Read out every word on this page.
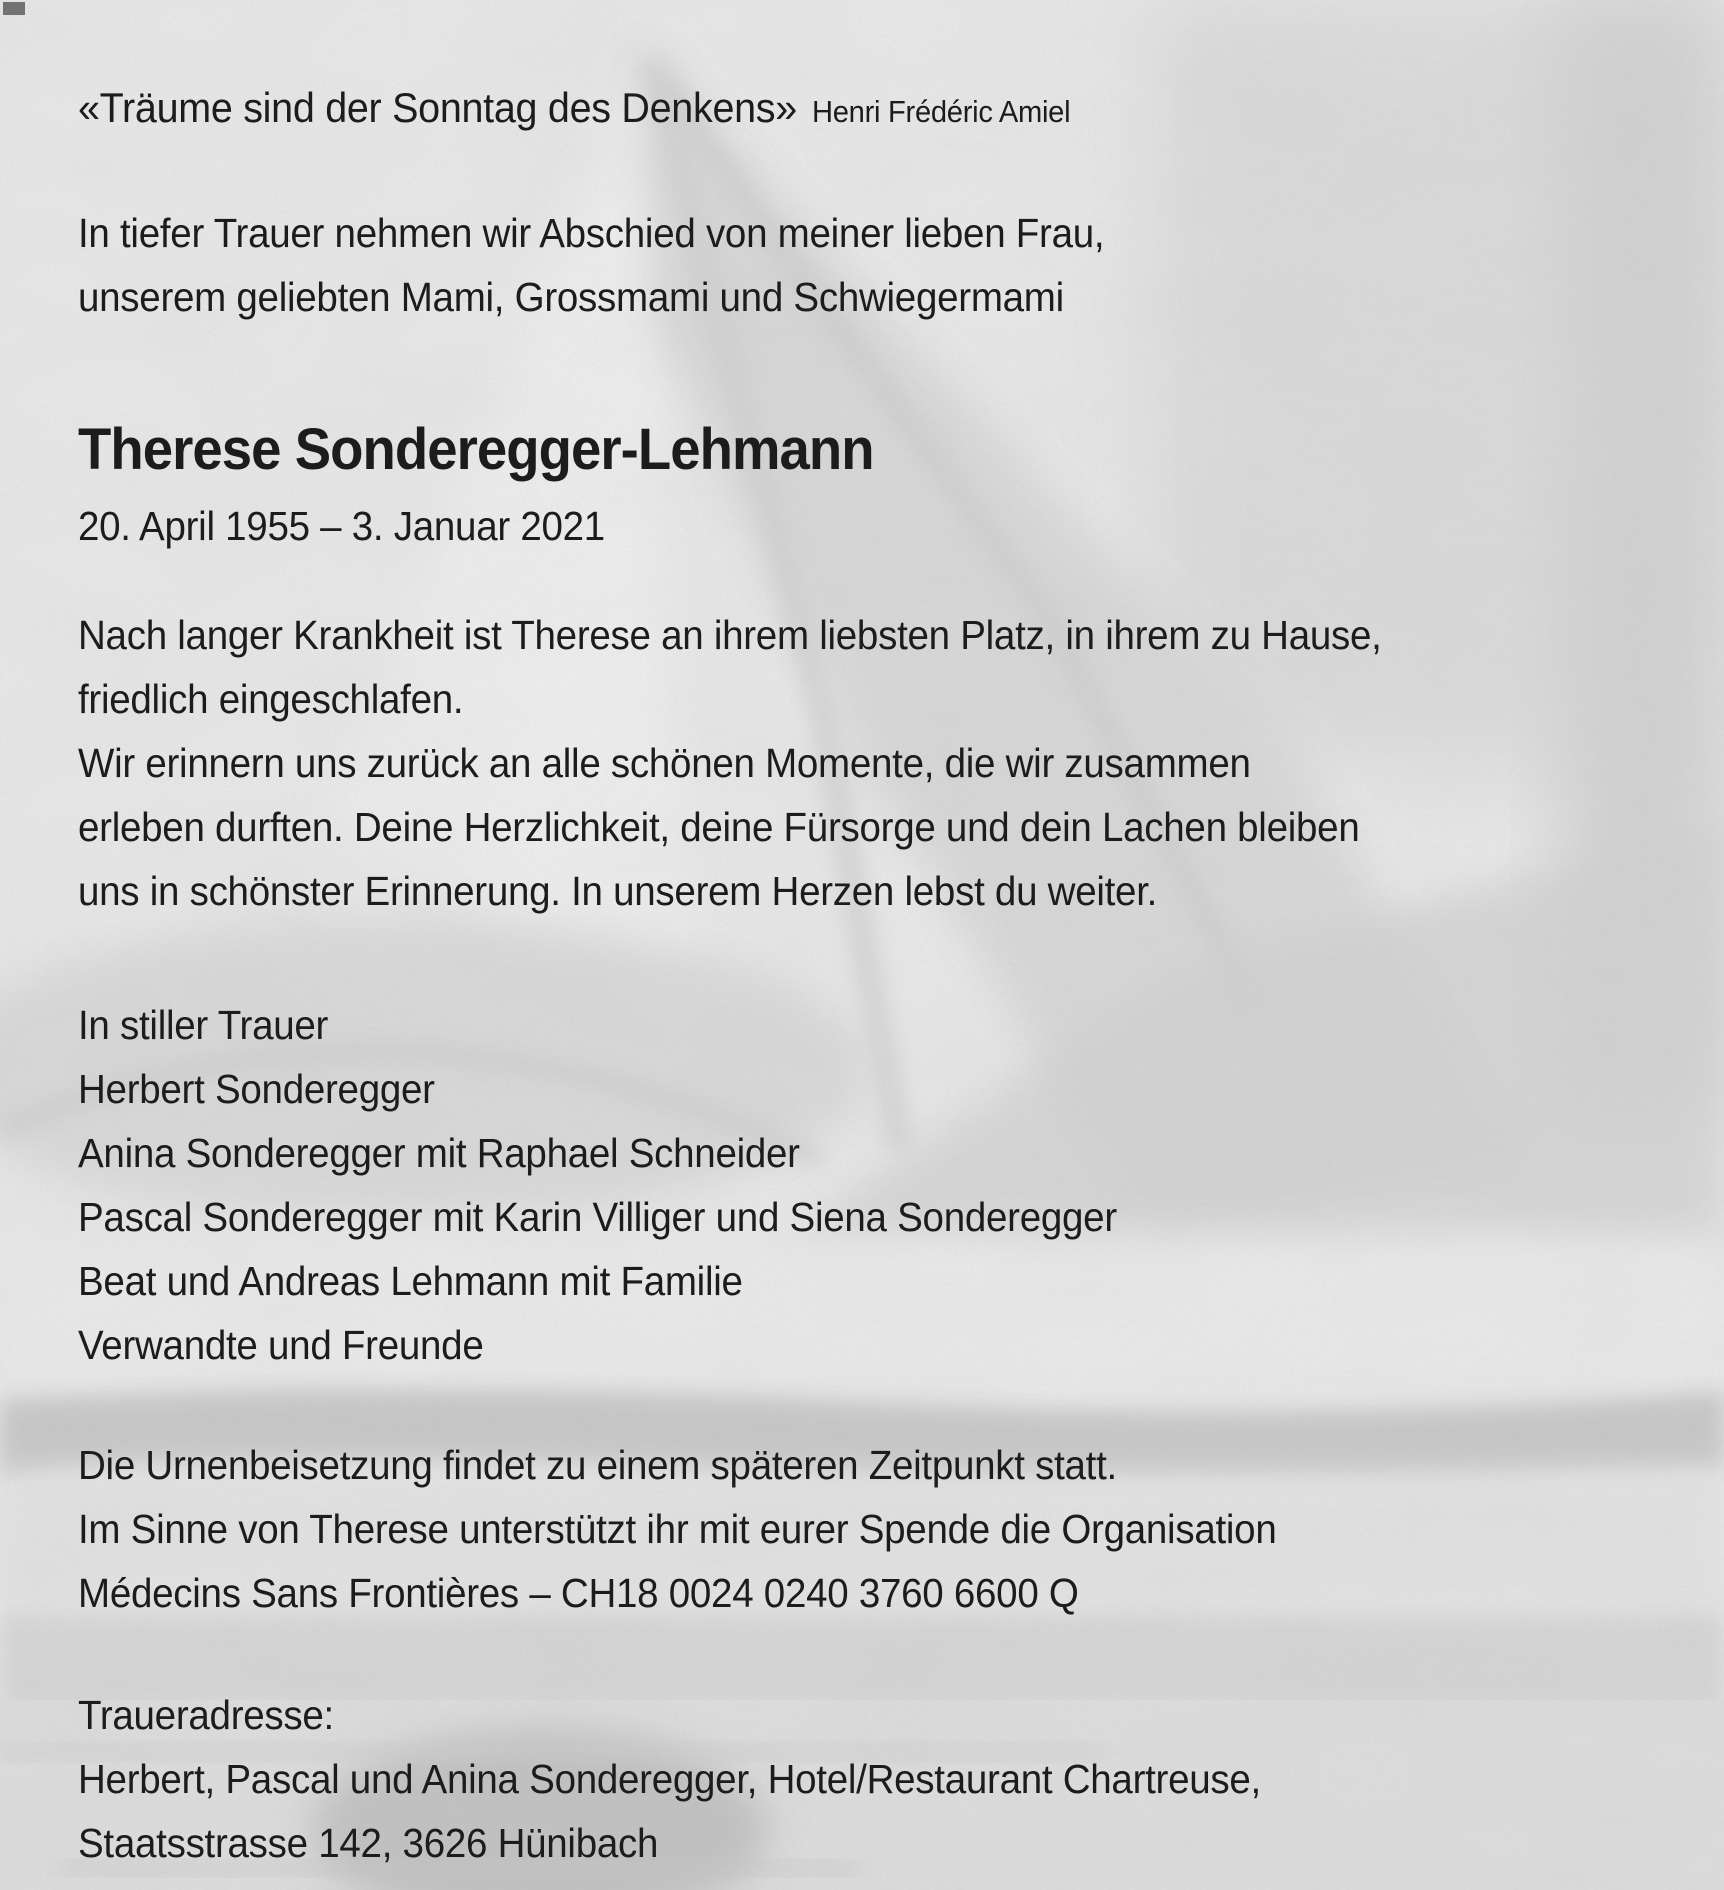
«Träume sind der Sonntag des Denkens» Henri Frédéric Amiel
In tiefer Trauer nehmen wir Abschied von meiner lieben Frau,
unserem geliebten Mami, Grossmami und Schwiegermami
Therese Sonderegger-Lehmann
20. April 1955 – 3. Januar 2021
Nach langer Krankheit ist Therese an ihrem liebsten Platz, in ihrem zu Hause,
friedlich eingeschlafen.
Wir erinnern uns zurück an alle schönen Momente, die wir zusammen
erleben durften. Deine Herzlichkeit, deine Fürsorge und dein Lachen bleiben
uns in schönster Erinnerung. In unserem Herzen lebst du weiter.
In stiller Trauer
Herbert Sonderegger
Anina Sonderegger mit Raphael Schneider
Pascal Sonderegger mit Karin Villiger und Siena Sonderegger
Beat und Andreas Lehmann mit Familie
Verwandte und Freunde
Die Urnenbeisetzung findet zu einem späteren Zeitpunkt statt.
Im Sinne von Therese unterstützt ihr mit eurer Spende die Organisation
Médecins Sans Frontières – CH18 0024 0240 3760 6600 Q
Traueradresse:
Herbert, Pascal und Anina Sonderegger, Hotel/Restaurant Chartreuse,
Staatsstrasse 142, 3626 Hünibach
